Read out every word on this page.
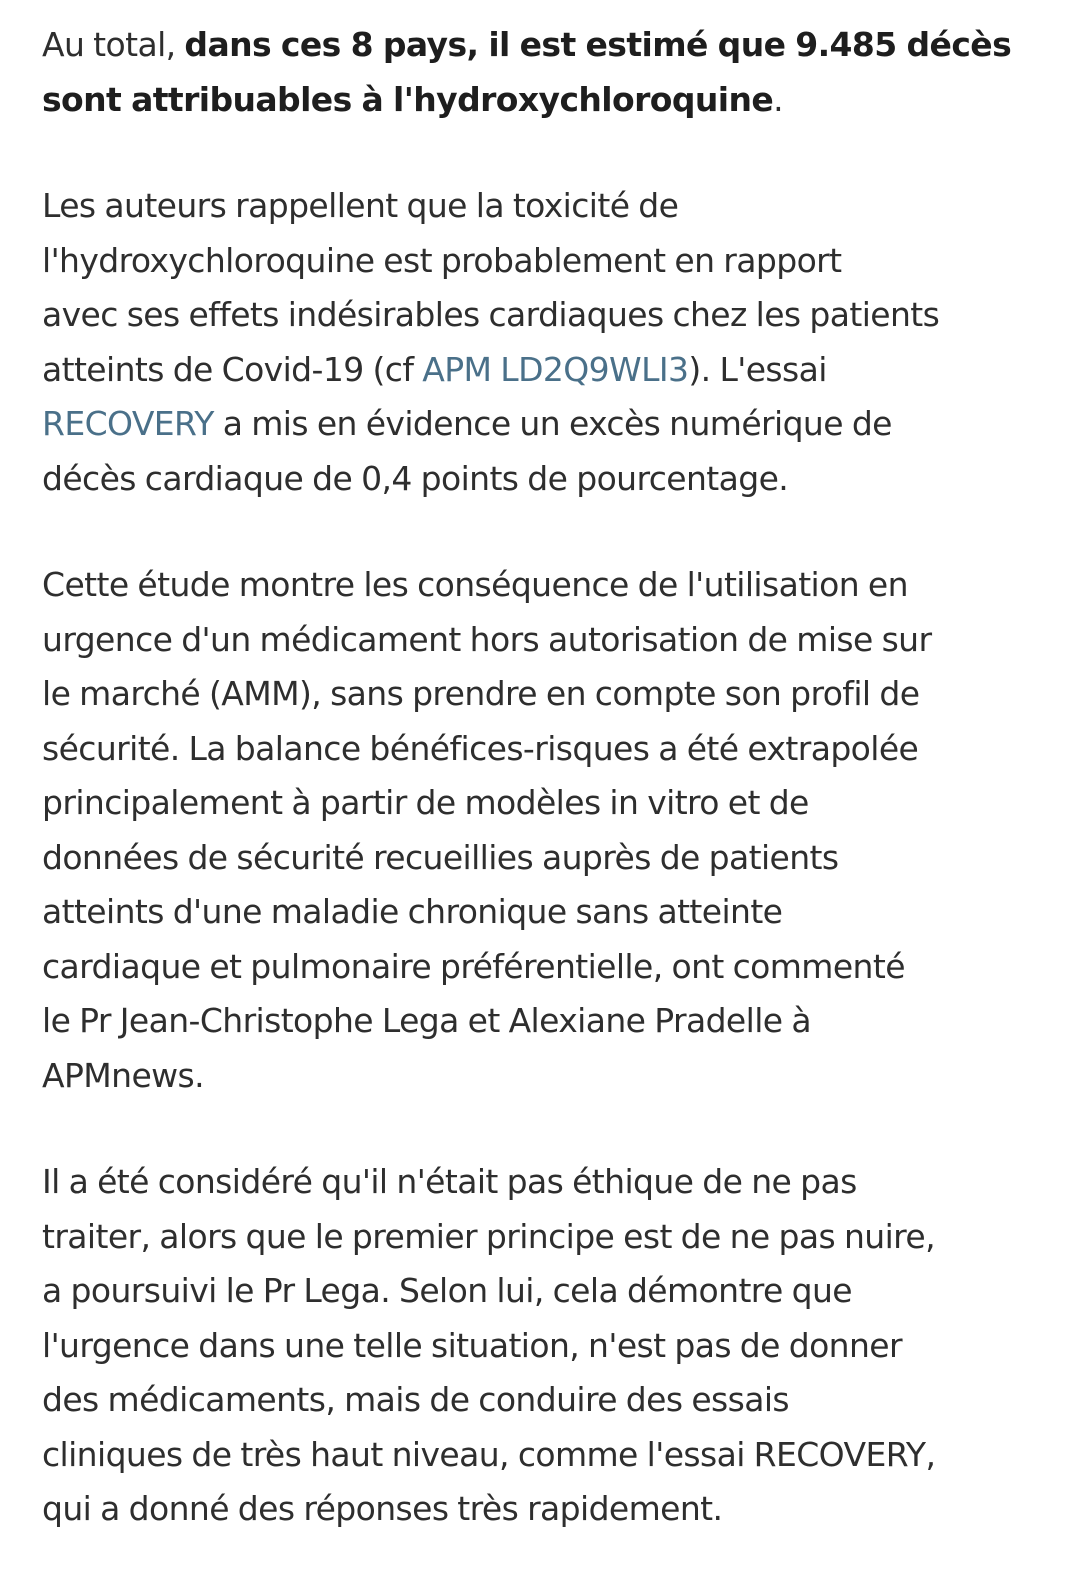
Au total, dans ces 8 pays, il est estimé que 9.485 décès
sont attribuables à l'hydroxychloroquine.

Les auteurs rappellent que la toxicité de
l'hydroxychloroquine est probablement en rapport
avec ses effets indésirables cardiaques chez les patients
atteints de Covid-19 (cf APM LD2Q9WLI3). L'essai
RECOVERY a mis en évidence un excès numérique de
décès cardiaque de 0,4 points de pourcentage.

Cette étude montre les conséquence de l'utilisation en
urgence d'un médicament hors autorisation de mise sur
le marché (AMM), sans prendre en compte son profil de
sécurité. La balance bénéfices-risques a été extrapolée
principalement à partir de modèles in vitro et de
données de sécurité recueillies auprès de patients
atteints d'une maladie chronique sans atteinte
cardiaque et pulmonaire préférentielle, ont commenté
le Pr Jean-Christophe Lega et Alexiane Pradelle à
APMnews.

Il a été considéré qu'il n'était pas éthique de ne pas
traiter, alors que le premier principe est de ne pas nuire,
a poursuivi le Pr Lega. Selon lui, cela démontre que
l'urgence dans une telle situation, n'est pas de donner
des médicaments, mais de conduire des essais
cliniques de très haut niveau, comme l'essai RECOVERY,
qui a donné des réponses très rapidement.
